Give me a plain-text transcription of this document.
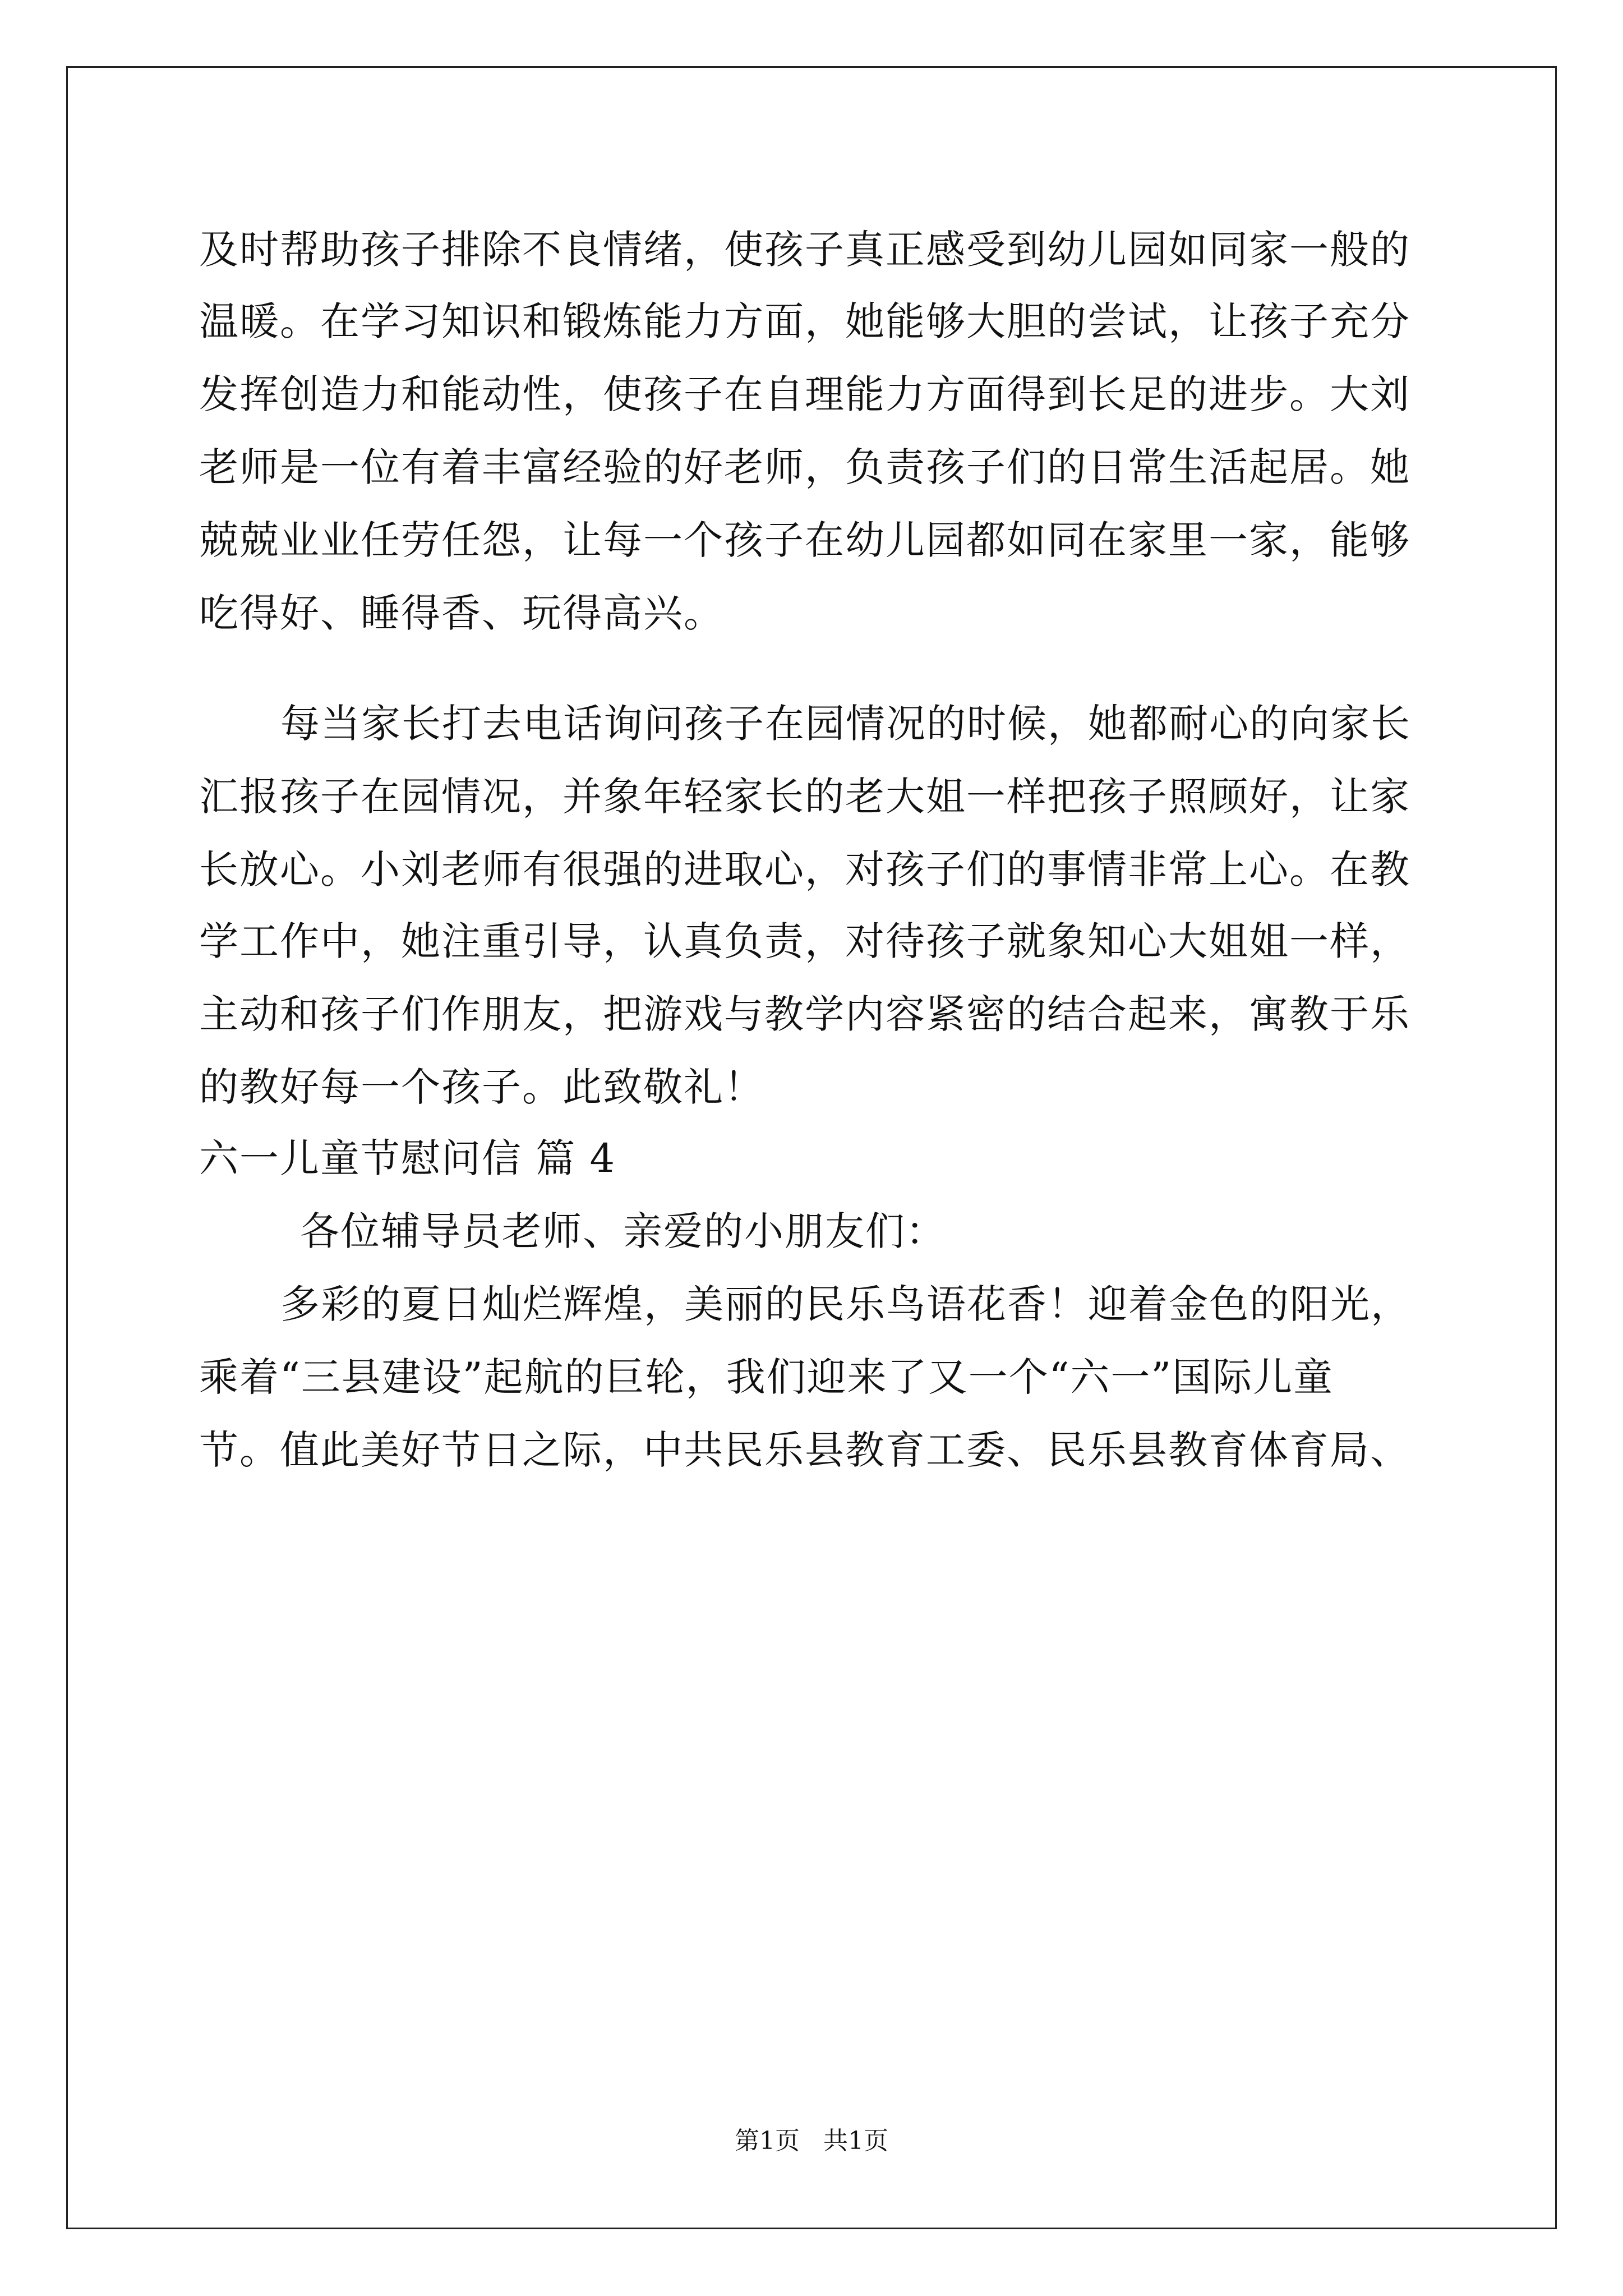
及时帮助孩子排除不良情绪，使孩子真正感受到幼儿园如同家一般的
温暖。在学习知识和锻炼能力方面，她能够大胆的尝试，让孩子充分
发挥创造力和能动性，使孩子在自理能力方面得到长足的进步。大刘
老师是一位有着丰富经验的好老师，负责孩子们的日常生活起居。她
兢兢业业任劳任怨，让每一个孩子在幼儿园都如同在家里一家，能够
吃得好、睡得香、玩得高兴。
每当家长打去电话询问孩子在园情况的时候，她都耐心的向家长
汇报孩子在园情况，并象年轻家长的老大姐一样把孩子照顾好，让家
长放心。小刘老师有很强的进取心，对孩子们的事情非常上心。在教
学工作中，她注重引导，认真负责，对待孩子就象知心大姐姐一样，
主动和孩子们作朋友，把游戏与教学内容紧密的结合起来，寓教于乐
的教好每一个孩子。此致敬礼！
六一儿童节慰问信 篇 4
各位辅导员老师、亲爱的小朋友们：
多彩的夏日灿烂辉煌，美丽的民乐鸟语花香！迎着金色的阳光，
乘着“三县建设”起航的巨轮，我们迎来了又一个“六一”国际儿童
节。值此美好节日之际，中共民乐县教育工委、民乐县教育体育局、
第1页   共1页
